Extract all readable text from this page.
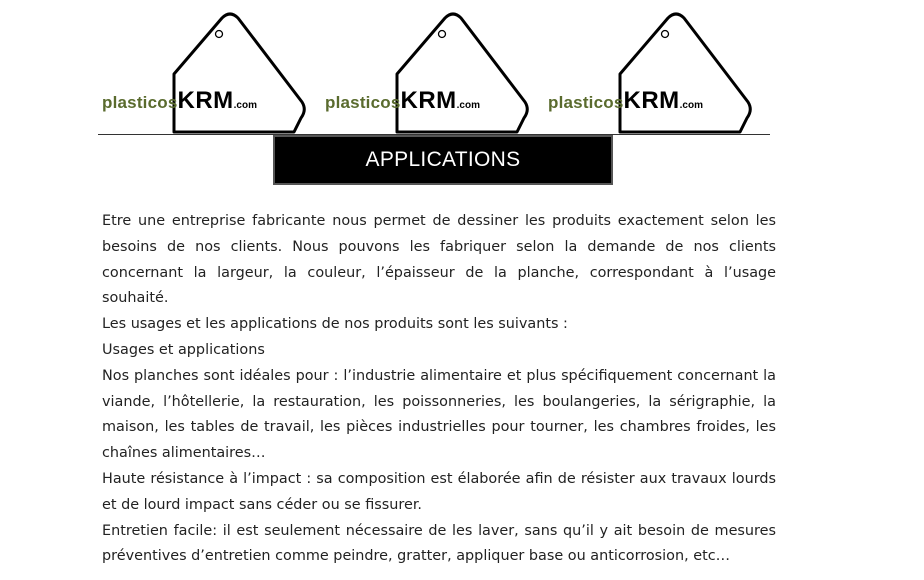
plasticosKRM.com	plasticosKRM.com	plasticosKRM.com
APPLICATIONS

Etre une entreprise fabricante nous permet de dessiner les produits exactement selon les besoins de nos clients. Nous pouvons les fabriquer selon la demande de nos clients concernant la largeur, la couleur, l’épaisseur de la planche, correspondant à l’usage souhaité.

Les usages et les applications de nos produits sont les suivants :

Usages et applications

Nos planches sont idéales pour : l’industrie alimentaire et plus spécifiquement concernant la viande, l’hôtellerie, la restauration, les poissonneries, les boulangeries, la sérigraphie, la maison, les tables de travail, les pièces industrielles pour tourner, les chambres froides, les chaînes alimentaires…

Haute résistance à l’impact : sa composition est élaborée afin de résister aux travaux lourds et de lourd impact sans céder ou se fissurer.

Entretien facile: il est seulement nécessaire de les laver, sans qu’il y ait besoin de mesures préventives d’entretien comme peindre, gratter, appliquer base ou anticorrosion, etc…
